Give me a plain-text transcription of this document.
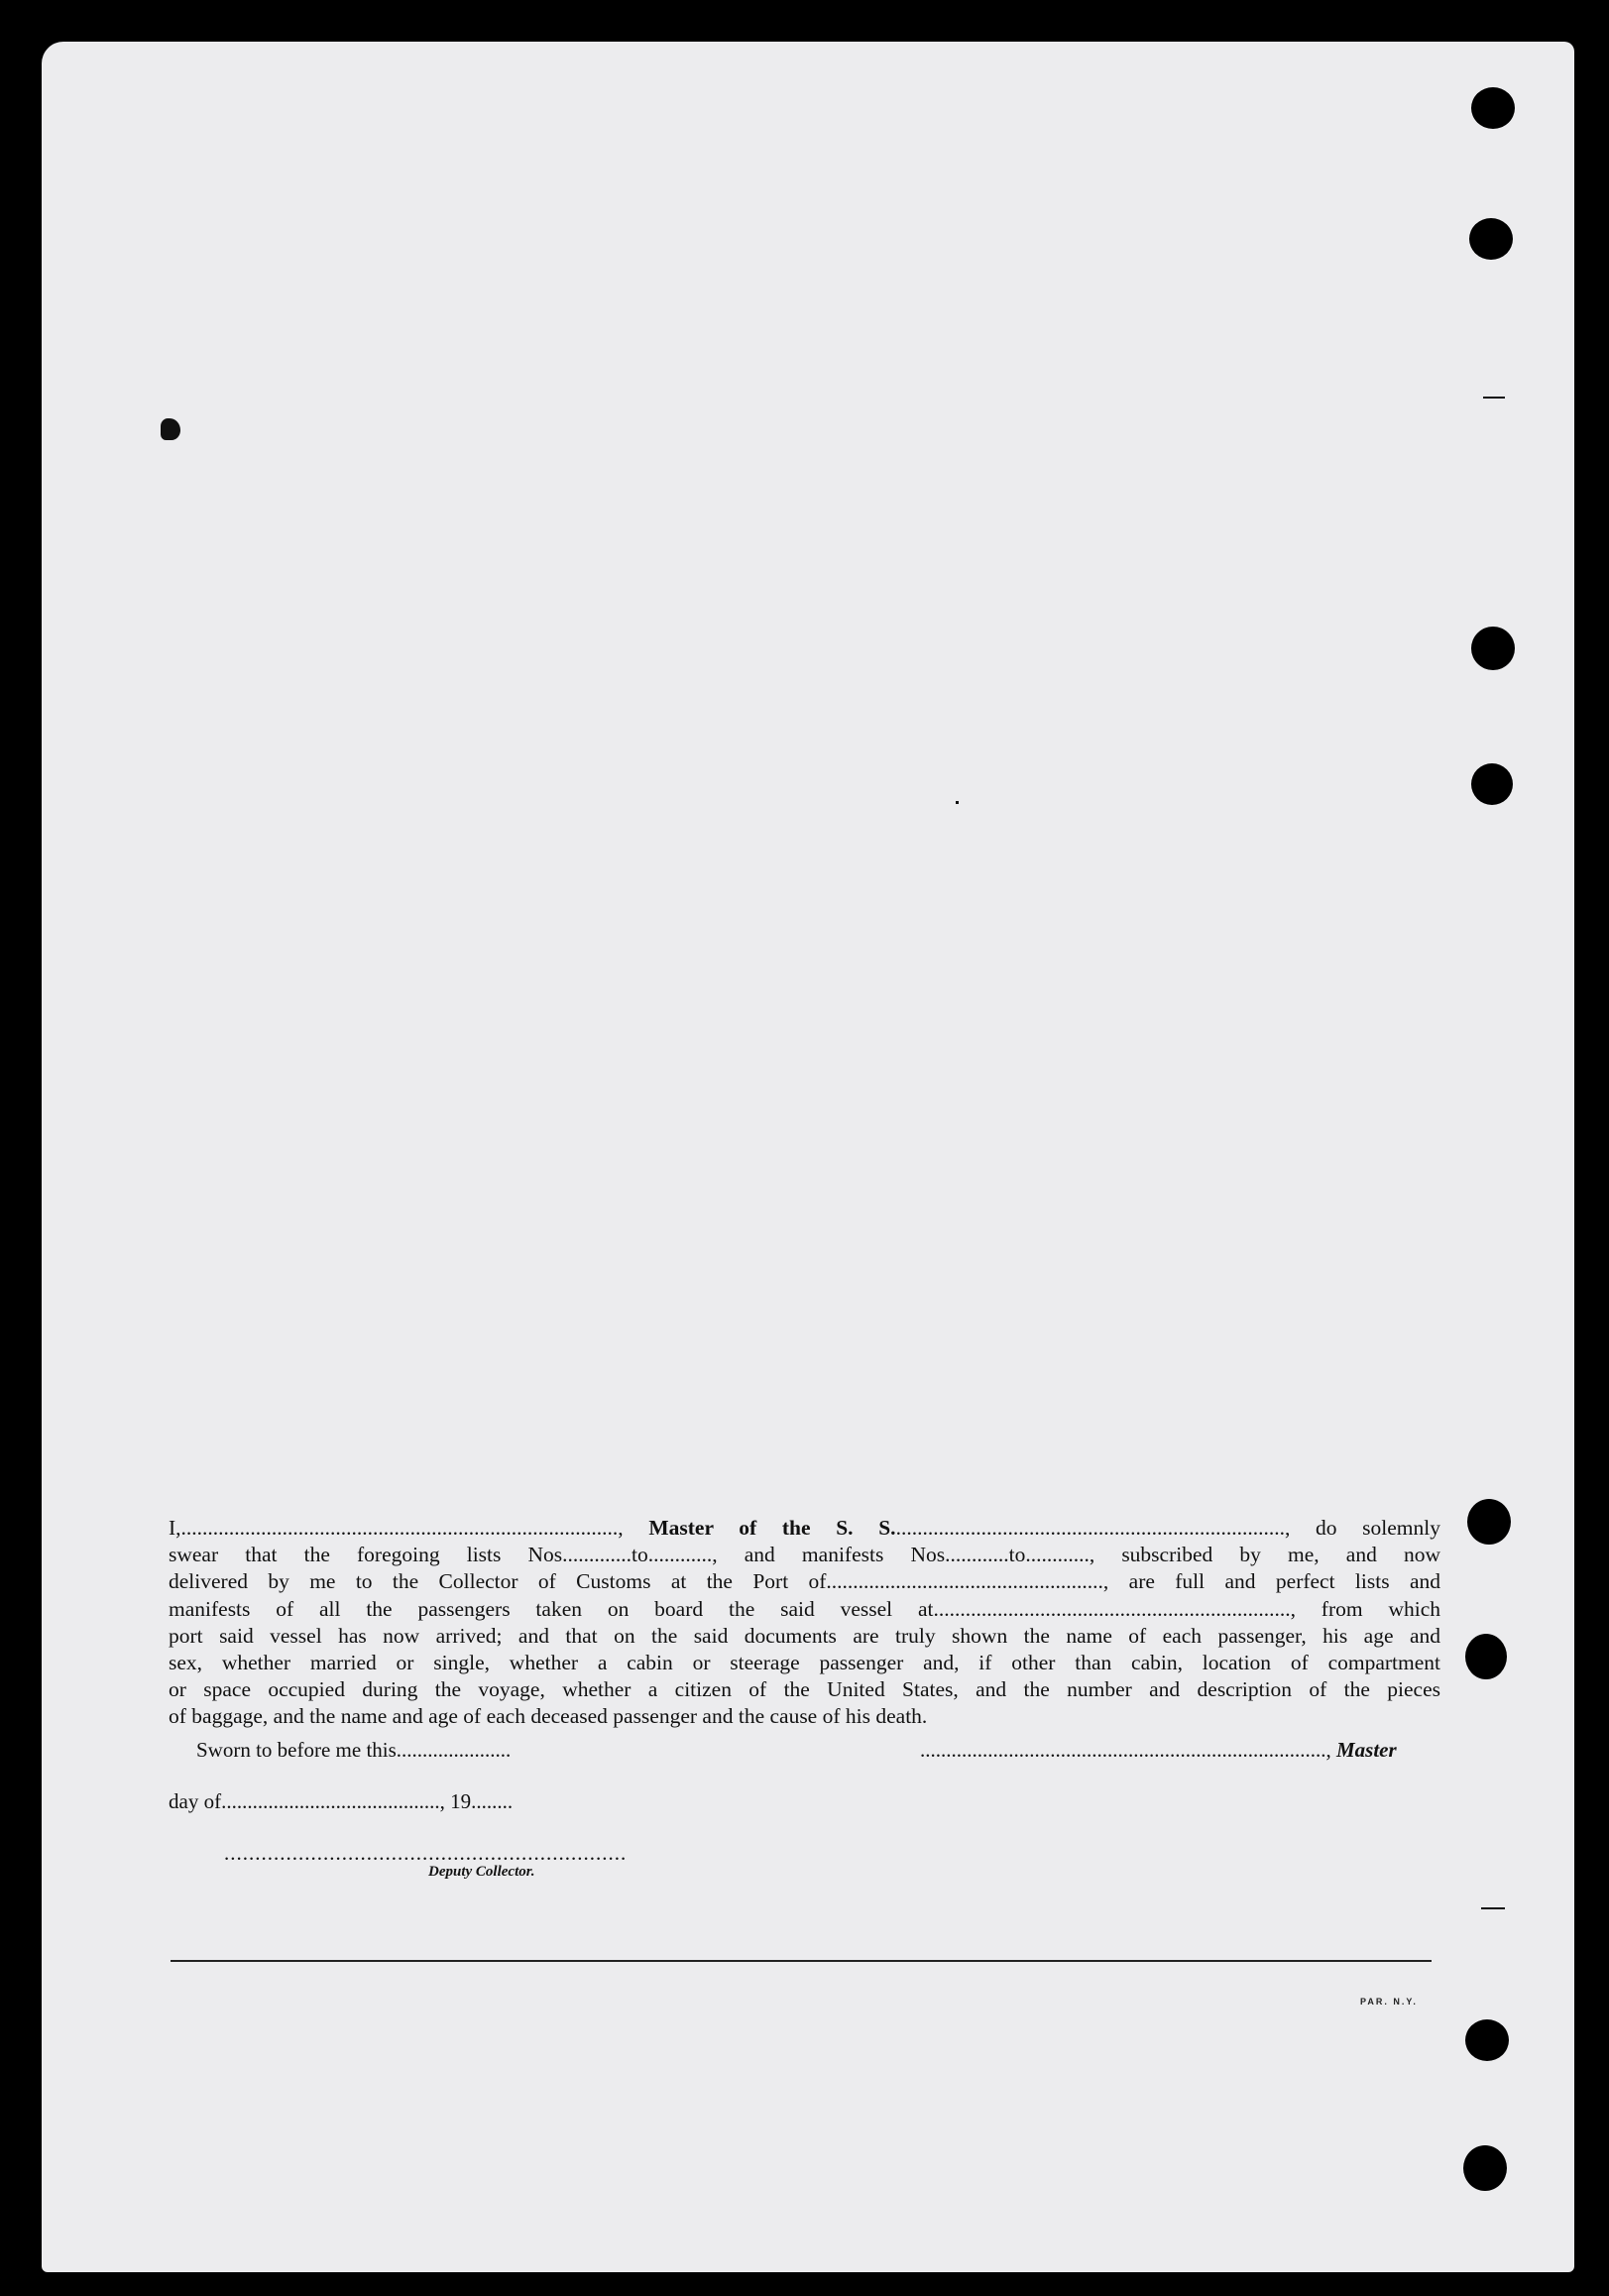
I,.................................................................................., Master of the S. S.........................................................................., do solemnly
swear that the foregoing lists Nos.............to............, and manifests Nos............to............, subscribed by me, and now
delivered by me to the Collector of Customs at the Port of...................................................., are full and perfect lists and
manifests of all the passengers taken on board the said vessel at..................................................................., from which
port said vessel has now arrived; and that on the said documents are truly shown the name of each passenger, his age and
sex, whether married or single, whether a cabin or steerage passenger and, if other than cabin, location of compartment
or space occupied during the voyage, whether a citizen of the United States, and the number and description of the pieces
of baggage, and the name and age of each deceased passenger and the cause of his death.
Sworn to before me this......................	.............................................................................., Master
day of.........................................., 19........
.................................................................
Deputy Collector.
PAR. N.Y.
